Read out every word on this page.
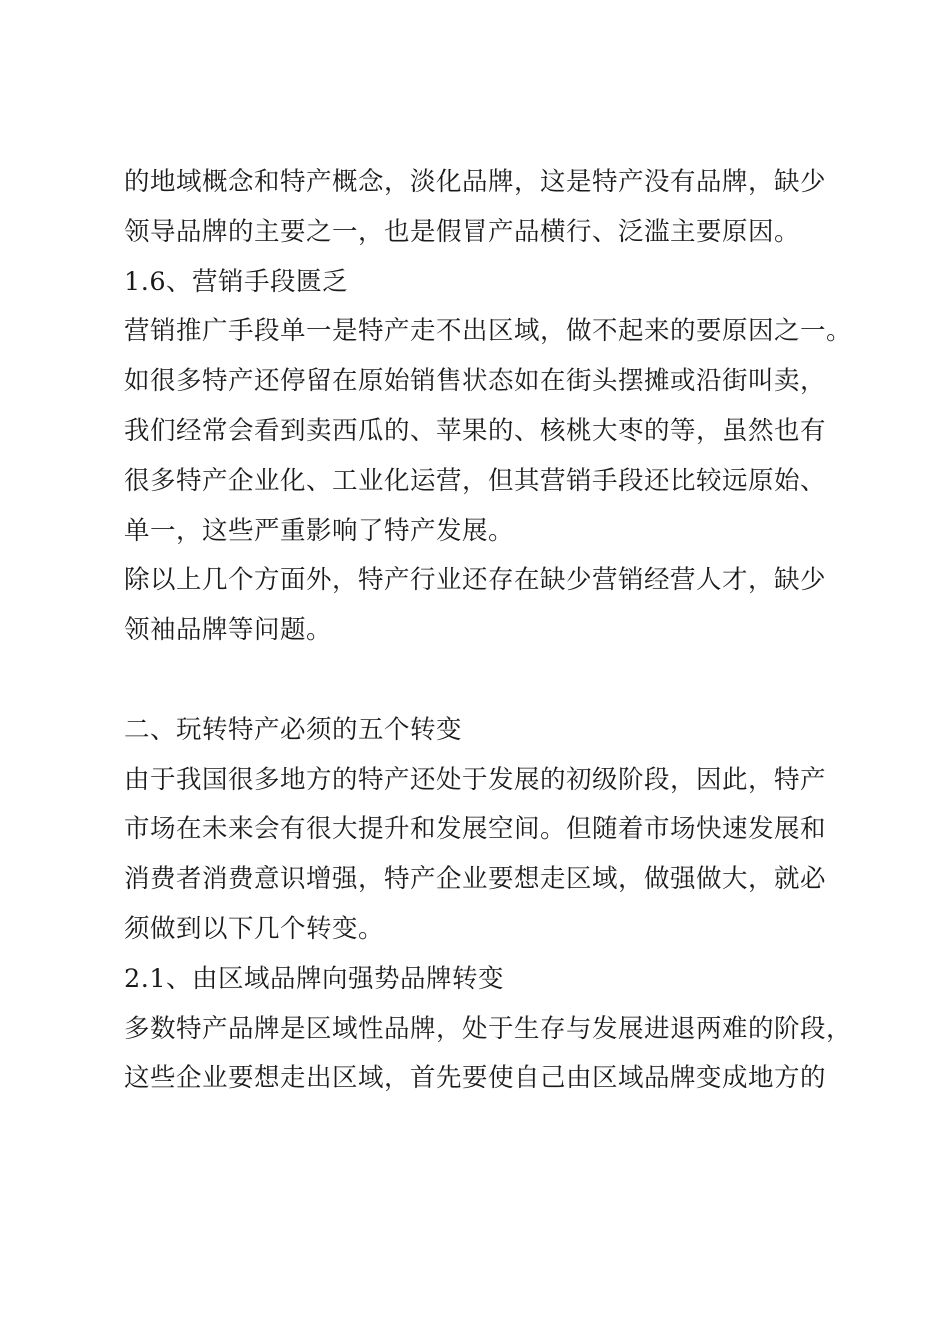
的地域概念和特产概念，淡化品牌，这是特产没有品牌，缺少
领导品牌的主要之一，也是假冒产品横行、泛滥主要原因。
1.6、营销手段匮乏
营销推广手段单一是特产走不出区域，做不起来的要原因之一。
如很多特产还停留在原始销售状态如在街头摆摊或沿街叫卖，
我们经常会看到卖西瓜的、苹果的、核桃大枣的等，虽然也有
很多特产企业化、工业化运营，但其营销手段还比较远原始、
单一，这些严重影响了特产发展。
除以上几个方面外，特产行业还存在缺少营销经营人才，缺少
领袖品牌等问题。
二、玩转特产必须的五个转变
由于我国很多地方的特产还处于发展的初级阶段，因此，特产
市场在未来会有很大提升和发展空间。但随着市场快速发展和
消费者消费意识增强，特产企业要想走区域，做强做大，就必
须做到以下几个转变。
2.1、由区域品牌向强势品牌转变
多数特产品牌是区域性品牌，处于生存与发展进退两难的阶段，
这些企业要想走出区域，首先要使自己由区域品牌变成地方的
